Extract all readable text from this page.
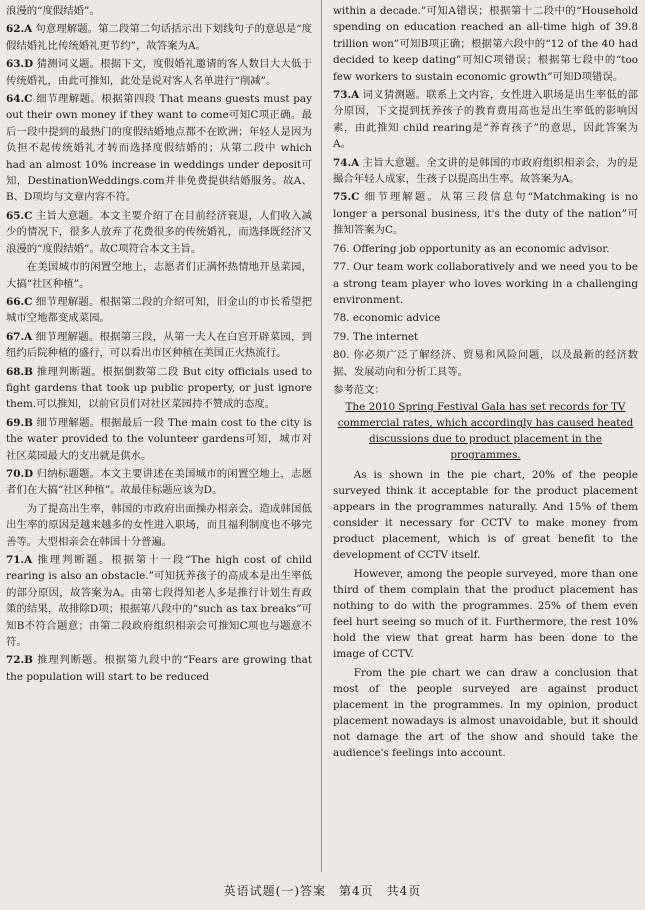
浪漫的“度假结婚”。
62.A 句意理解题。第二段第二句话括示出下划线句子的意思是“度假结婚礼比传统婚礼更节约”，故答案为A。
63.D 猜测词义题。根据下文，度假婚礼邀请的客人数目大大低于传统婚礼，由此可推知，此处是说对客人名单进行“削减”。
64.C 细节理解题。根据第四段 That means guests must pay out their own money if they want to come可知C项正确。最后一段中提到的最热门的度假结婚地点都不在欧洲；年轻人是因为负担不起传统婚礼才转而选择度假结婚的；从第二段中 which had an almost 10% increase in weddings under deposit可知，DestinationWeddings.com并非免费提供结婚服务。故A、B、D项均与文章内容不符。
65.C 主旨大意题。本文主要介绍了在目前经济衰退，人们收入减少的情况下，很多人放弃了花费很多的传统婚礼，而选择既经济又浪漫的“度假结婚”。故C项符合本文主旨。
在美国城市的闲置空地上，志愿者们正满怀热情地开垦菜园，大搞“社区种植”。
66.C 细节理解题。根据第二段的介绍可知，旧金山的市长希望把城市空地都变成菜园。
67.A 细节理解题。根据第三段，从第一夫人在白宫开辟菜园，到纽约后院种植的盛行，可以看出市区种植在美国正火热流行。
68.B 推理判断题。根据倒数第二段 But city officials used to fight gardens that took up public property, or just ignore them.可以推知，以前官员们对社区菜园持不赞成的态度。
69.B 细节理解题。根据最后一段 The main cost to the city is the water provided to the volunteer gardens可知，城市对社区菜园最大的支出就是供水。
70.D 归纳标题题。本文主要讲述在美国城市的闲置空地上，志愿者们在大搞“社区种植”。故最佳标题应该为D。
为了提高出生率，韩国的市政府出面操办相亲会。造成韩国低出生率的原因是越来越多的女性进入职场，而且福利制度也不够完善等。大型相亲会在韩国十分普遍。
71.A 推理判断题。根据第十一段“The high cost of child rearing is also an obstacle.”可知抚养孩子的高成本是出生率低的部分原因，故答案为A。由第七段得知老人多是推行计划生育政策的结果，故排除D项；根据第八段中的“such as tax breaks”可知B不符合题意；由第二段政府组织相亲会可推知C项也与题意不符。
72.B 推理判断题。根据第九段中的“Fears are growing that the population will start to be reduced
within a decade.”可知A错误；根据第十二段中的“Household spending on education reached an all-time high of 39.8 trillion won”可知B项正确；根据第六段中的“12 of the 40 had decided to keep dating”可知C项错误；根据第七段中的“too few workers to sustain economic growth”可知D项错误。
73.A 词义猜测题。联系上文内容，女性进入职场是出生率低的部分原因，下文提到抚养孩子的教育费用高也是出生率低的影响因素，由此推知 child rearing是“养育孩子”的意思，因此答案为A。
74.A 主旨大意题。全文讲的是韩国的市政府组织相亲会，为的是撮合年轻人成家，生孩子以提高出生率。故答案为A。
75.C 细节理解题。从第三段信息句“Matchmaking is no longer a personal business, it's the duty of the nation”可推知答案为C。
76. Offering job opportunity as an economic advisor.
77. Our team work collaboratively and we need you to be a strong team player who loves working in a challenging environment.
78. economic advice
79. The internet
80. 你必须广泛了解经济、贸易和风险问题，以及最新的经济数据、发展动向和分析工具等。
参考范文：
The 2010 Spring Festival Gala has set records for TV commercial rates, which accordingly has caused heated discussions due to product placement in the programmes.
As is shown in the pie chart, 20% of the people surveyed think it acceptable for the product placement appears in the programmes naturally. And 15% of them consider it necessary for CCTV to make money from product placement, which is of great benefit to the development of CCTV itself.
However, among the people surveyed, more than one third of them complain that the product placement has nothing to do with the programmes. 25% of them even feel hurt seeing so much of it. Furthermore, the rest 10% hold the view that great harm has been done to the image of CCTV.
From the pie chart we can draw a conclusion that most of the people surveyed are against product placement in the programmes. In my opinion, product placement nowadays is almost unavoidable, but it should not damage the art of the show and should take the audience's feelings into account.
英语试题(一)答案　第4页　共4页
